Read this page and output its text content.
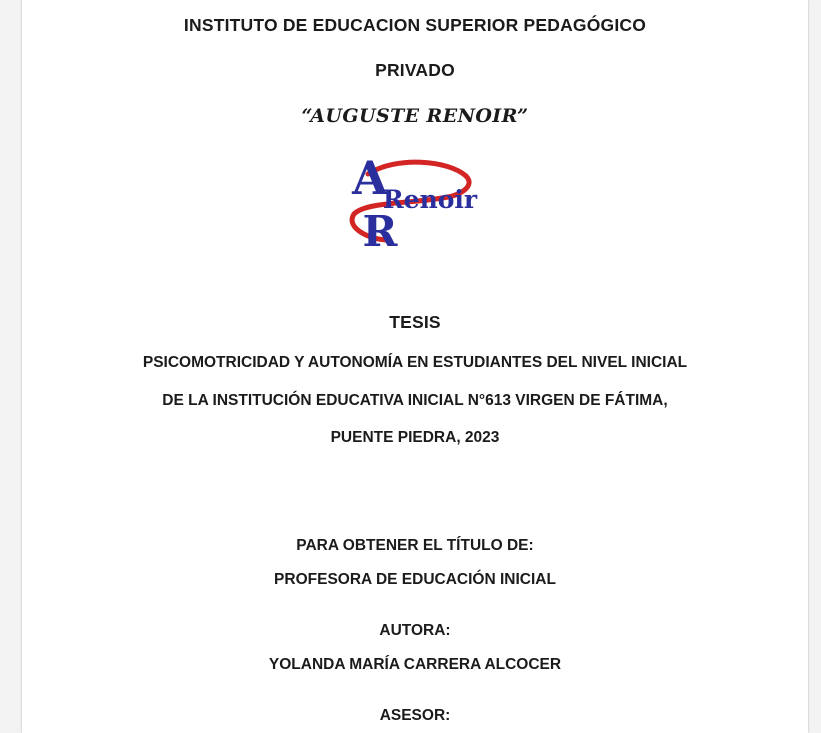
INSTITUTO DE EDUCACION SUPERIOR PEDAGÓGICO
PRIVADO
“AUGUSTE RENOIR”
A
Renoir
R
TESIS
PSICOMOTRICIDAD Y AUTONOMÍA EN ESTUDIANTES DEL NIVEL INICIAL
DE LA INSTITUCIÓN EDUCATIVA INICIAL N°613 VIRGEN DE FÁTIMA,
PUENTE PIEDRA, 2023
PARA OBTENER EL TÍTULO DE:
PROFESORA DE EDUCACIÓN INICIAL
AUTORA:
YOLANDA MARÍA CARRERA ALCOCER
ASESOR:
